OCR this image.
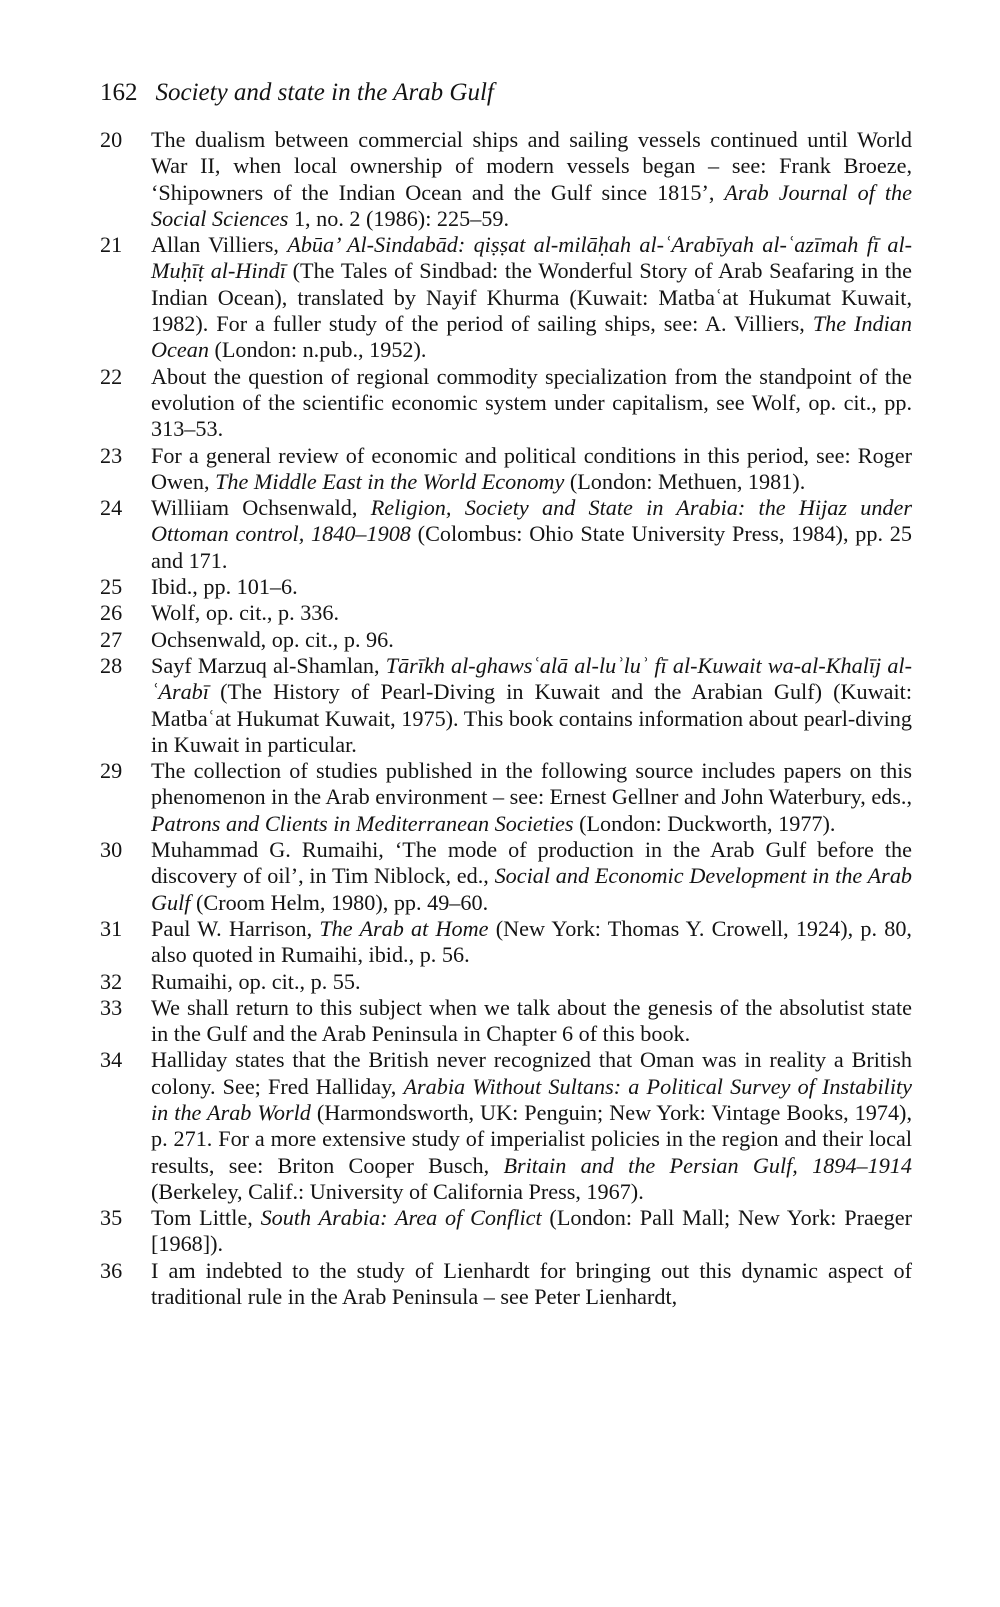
162 Society and state in the Arab Gulf
20 The dualism between commercial ships and sailing vessels continued until World War II, when local ownership of modern vessels began – see: Frank Broeze, ‘Shipowners of the Indian Ocean and the Gulf since 1815’, Arab Journal of the Social Sciences 1, no. 2 (1986): 225–59.
21 Allan Villiers, Abūa’ Al-Sindabād: qiṣṣat al-milāḥah al-ʿArabīyah al-ʿazīmah fī al-Muḥīṭ al-Hindī (The Tales of Sindbad: the Wonderful Story of Arab Seafaring in the Indian Ocean), translated by Nayif Khurma (Kuwait: Matbaʿat Hukumat Kuwait, 1982). For a fuller study of the period of sailing ships, see: A. Villiers, The Indian Ocean (London: n.pub., 1952).
22 About the question of regional commodity specialization from the standpoint of the evolution of the scientific economic system under capitalism, see Wolf, op. cit., pp. 313–53.
23 For a general review of economic and political conditions in this period, see: Roger Owen, The Middle East in the World Economy (London: Methuen, 1981).
24 Williiam Ochsenwald, Religion, Society and State in Arabia: the Hijaz under Ottoman control, 1840–1908 (Colombus: Ohio State University Press, 1984), pp. 25 and 171.
25 Ibid., pp. 101–6.
26 Wolf, op. cit., p. 336.
27 Ochsenwald, op. cit., p. 96.
28 Sayf Marzuq al-Shamlan, Tārīkh al-ghawsʿalā al-luʾluʾ fī al-Kuwait wa-al-Khalīj al-ʿArabī (The History of Pearl-Diving in Kuwait and the Arabian Gulf) (Kuwait: Matbaʿat Hukumat Kuwait, 1975). This book contains information about pearl-diving in Kuwait in particular.
29 The collection of studies published in the following source includes papers on this phenomenon in the Arab environment – see: Ernest Gellner and John Waterbury, eds., Patrons and Clients in Mediterranean Societies (London: Duckworth, 1977).
30 Muhammad G. Rumaihi, ‘The mode of production in the Arab Gulf before the discovery of oil’, in Tim Niblock, ed., Social and Economic Development in the Arab Gulf (Croom Helm, 1980), pp. 49–60.
31 Paul W. Harrison, The Arab at Home (New York: Thomas Y. Crowell, 1924), p. 80, also quoted in Rumaihi, ibid., p. 56.
32 Rumaihi, op. cit., p. 55.
33 We shall return to this subject when we talk about the genesis of the absolutist state in the Gulf and the Arab Peninsula in Chapter 6 of this book.
34 Halliday states that the British never recognized that Oman was in reality a British colony. See; Fred Halliday, Arabia Without Sultans: a Political Survey of Instability in the Arab World (Harmondsworth, UK: Penguin; New York: Vintage Books, 1974), p. 271. For a more extensive study of imperialist policies in the region and their local results, see: Briton Cooper Busch, Britain and the Persian Gulf, 1894–1914 (Berkeley, Calif.: University of California Press, 1967).
35 Tom Little, South Arabia: Area of Conflict (London: Pall Mall; New York: Praeger [1968]).
36 I am indebted to the study of Lienhardt for bringing out this dynamic aspect of traditional rule in the Arab Peninsula – see Peter Lienhardt,
